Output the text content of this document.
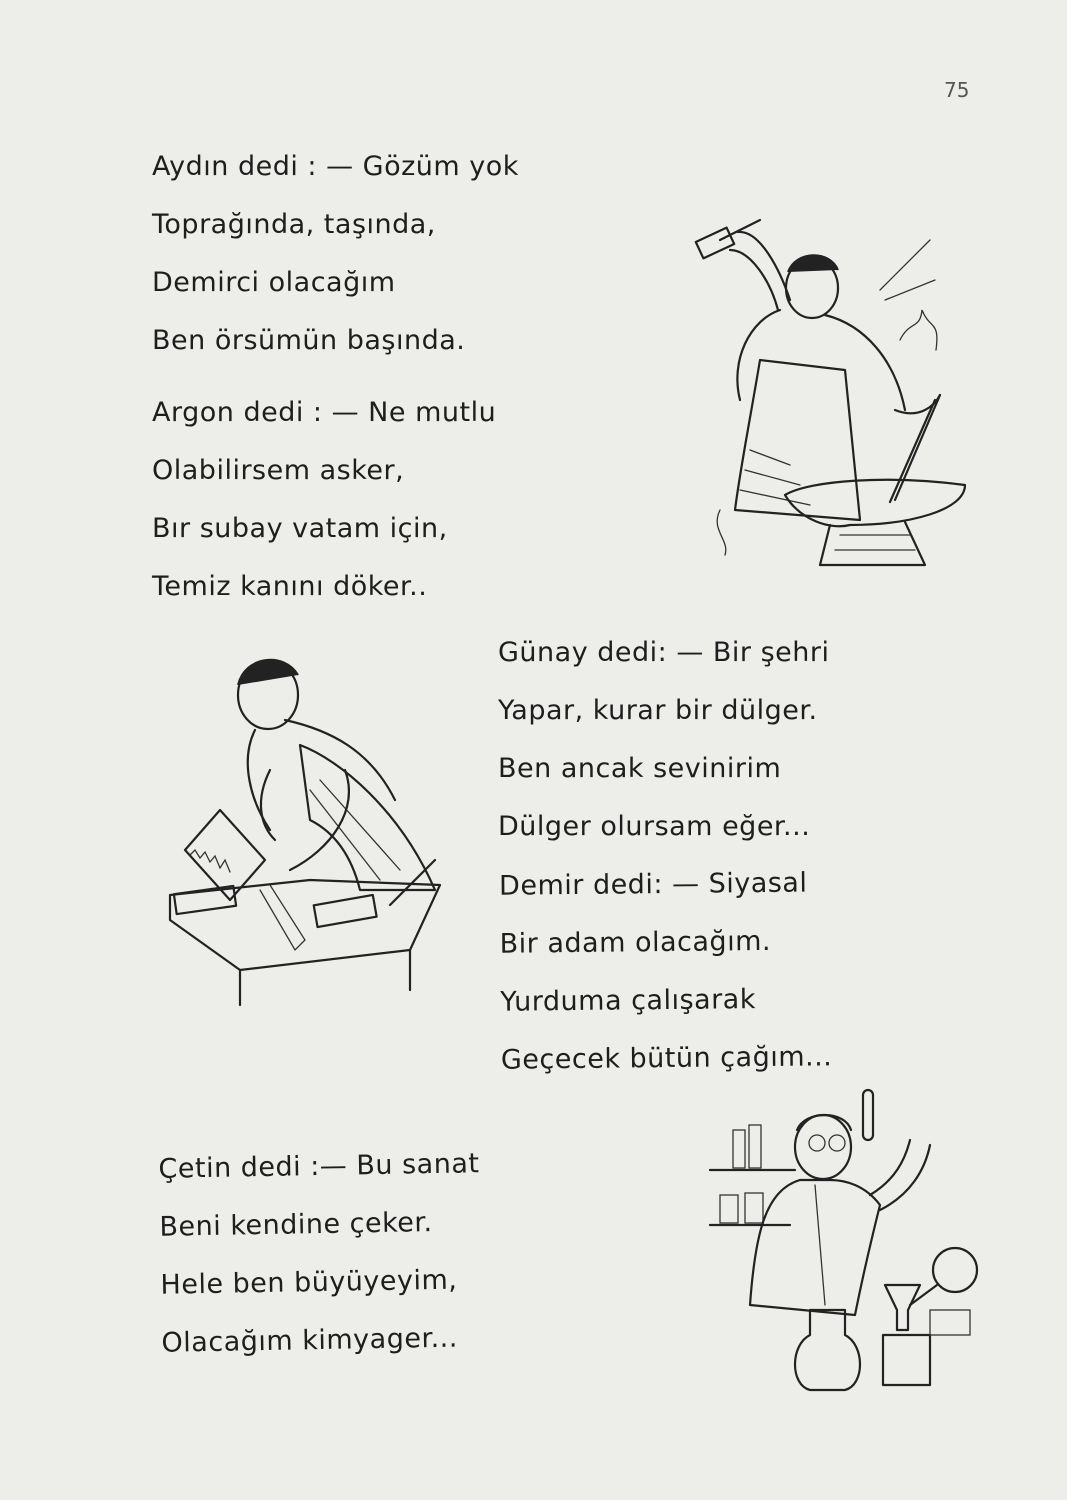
75
Aydın dedi : — Gözüm yok
Toprağında, taşında,
Demirci olacağım
Ben örsümün başında.
Argon dedi : — Ne mutlu
Olabilirsem asker,
Bır subay vatam için,
Temiz kanını döker..
Günay dedi: — Bir şehri
Yapar, kurar bir dülger.
Ben ancak sevinirim
Dülger olursam eğer...
Demir dedi: — Siyasal
Bir adam olacağım.
Yurduma çalışarak
Geçecek bütün çağım...
Çetin dedi :— Bu sanat
Beni kendine çeker.
Hele ben büyüyeyim,
Olacağım kimyager...
